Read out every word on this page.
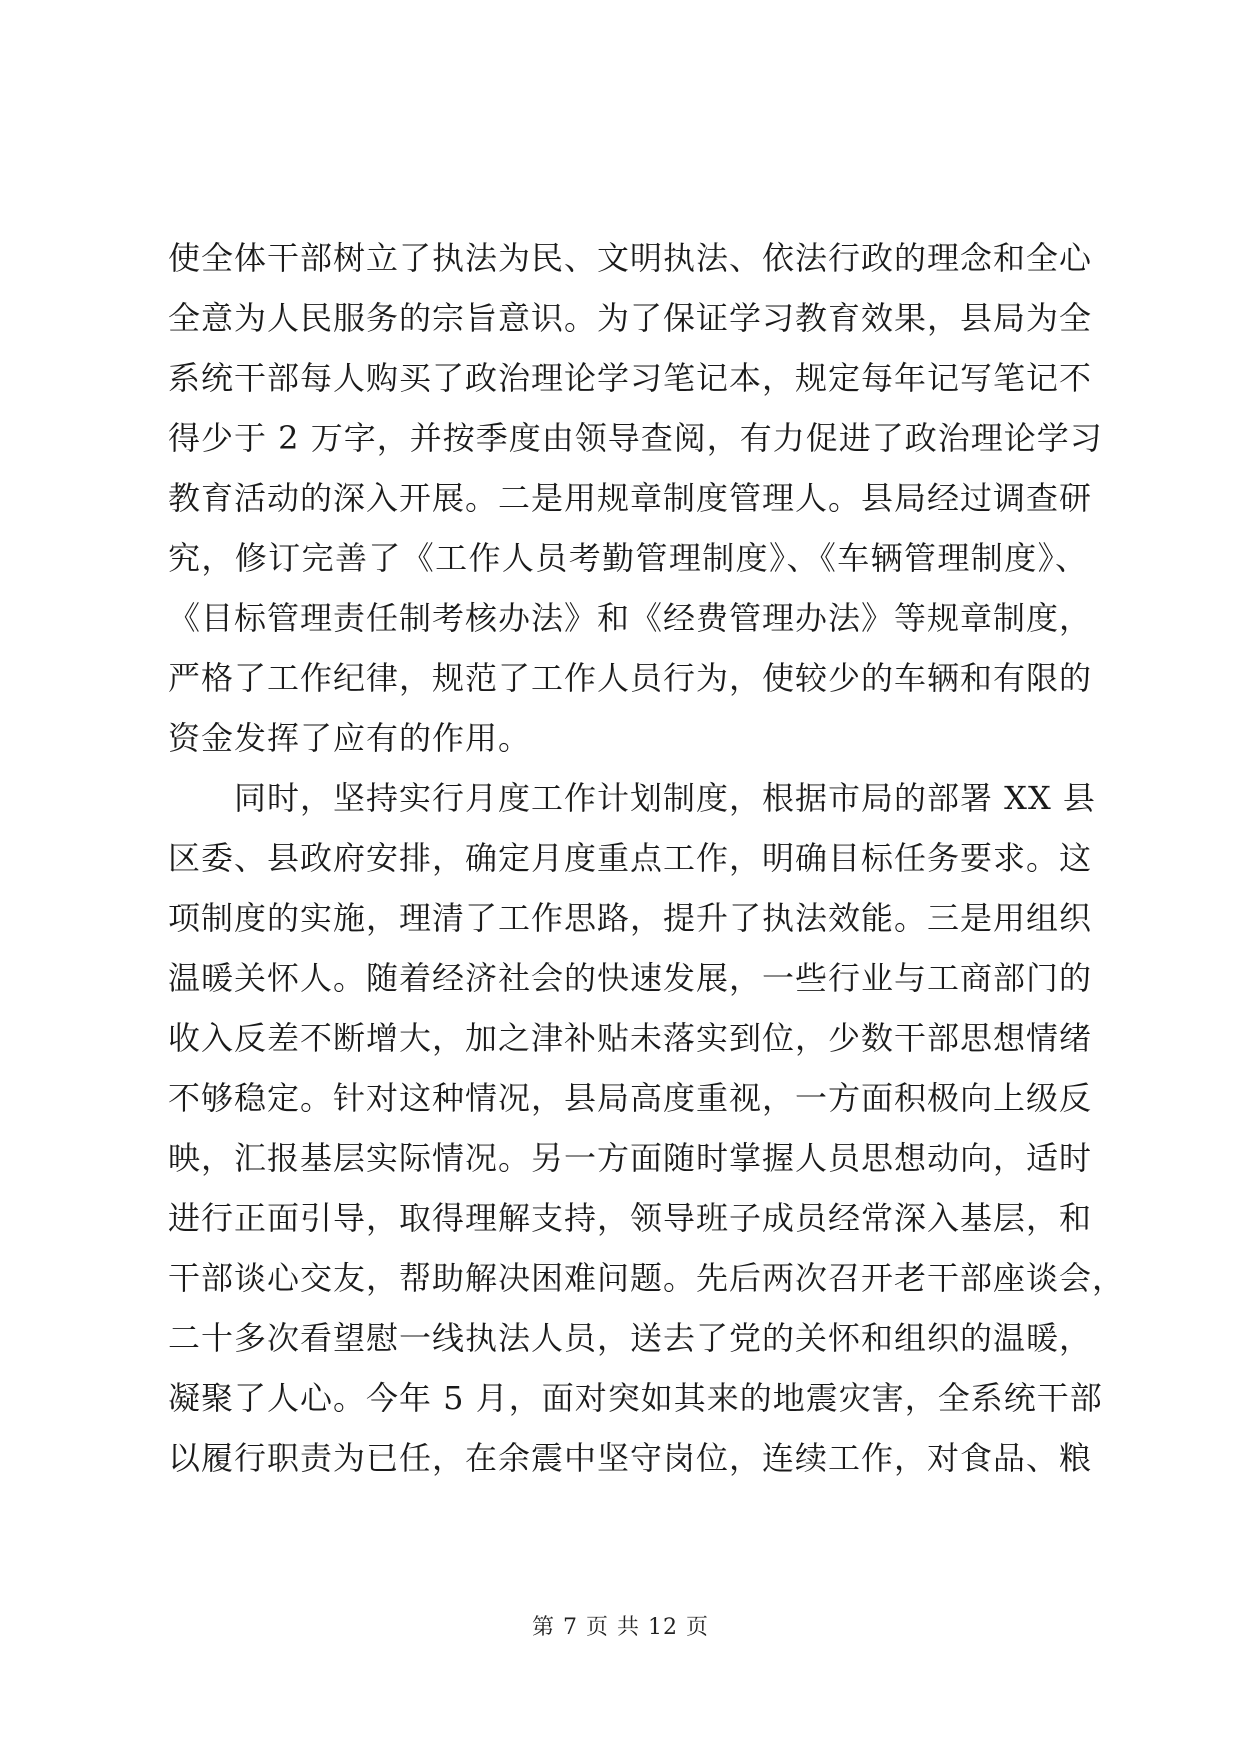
使全体干部树立了执法为民、文明执法、依法行政的理念和全心
全意为人民服务的宗旨意识。为了保证学习教育效果，县局为全
系统干部每人购买了政治理论学习笔记本，规定每年记写笔记不
得少于 2 万字，并按季度由领导查阅，有力促进了政治理论学习
教育活动的深入开展。二是用规章制度管理人。县局经过调查研
究，修订完善了《工作人员考勤管理制度》、《车辆管理制度》、
《目标管理责任制考核办法》和《经费管理办法》等规章制度，
严格了工作纪律，规范了工作人员行为，使较少的车辆和有限的
资金发挥了应有的作用。
同时，坚持实行月度工作计划制度，根据市局的部署 XX 县
区委、县政府安排，确定月度重点工作，明确目标任务要求。这
项制度的实施，理清了工作思路，提升了执法效能。三是用组织
温暖关怀人。随着经济社会的快速发展，一些行业与工商部门的
收入反差不断增大，加之津补贴未落实到位，少数干部思想情绪
不够稳定。针对这种情况，县局高度重视，一方面积极向上级反
映，汇报基层实际情况。另一方面随时掌握人员思想动向，适时
进行正面引导，取得理解支持，领导班子成员经常深入基层，和
干部谈心交友，帮助解决困难问题。先后两次召开老干部座谈会，
二十多次看望慰一线执法人员，送去了党的关怀和组织的温暖，
凝聚了人心。今年 5 月，面对突如其来的地震灾害，全系统干部
以履行职责为已任，在余震中坚守岗位，连续工作，对食品、粮
第 7 页 共 12 页
